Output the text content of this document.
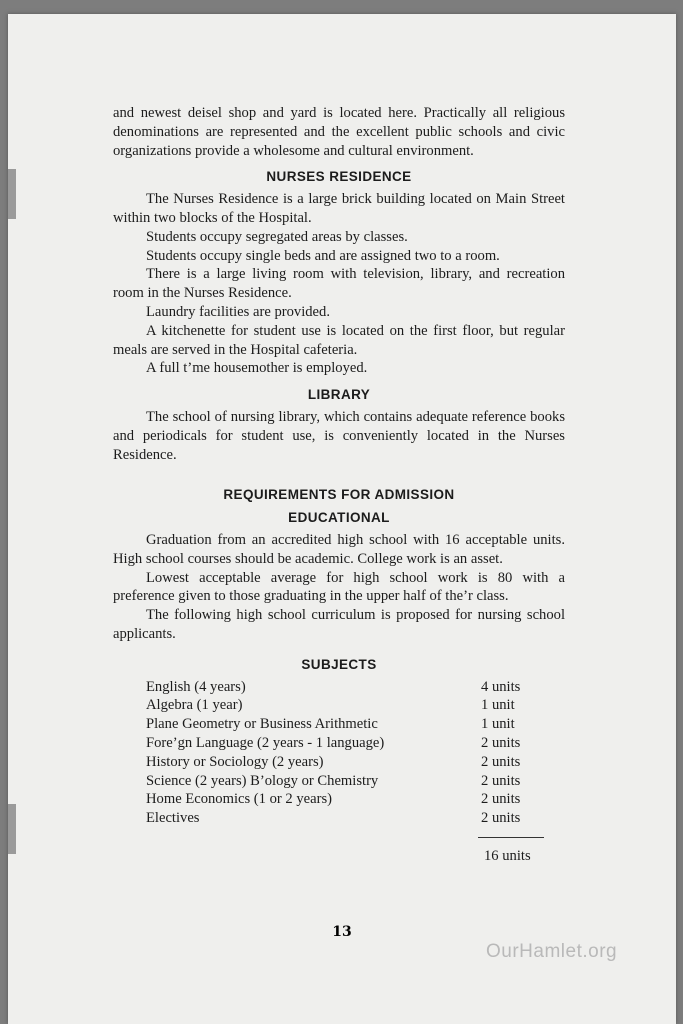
and newest deisel shop and yard is located here. Practically all religious denominations are represented and the excellent public schools and civic organizations provide a wholesome and cultural environment.

NURSES RESIDENCE

The Nurses Residence is a large brick building located on Main Street within two blocks of the Hospital.

Students occupy segregated areas by classes.

Students occupy single beds and are assigned two to a room.

There is a large living room with television, library, and recreation room in the Nurses Residence.

Laundry facilities are provided.

A kitchenette for student use is located on the first floor, but regular meals are served in the Hospital cafeteria.

A full t’me housemother is employed.

LIBRARY

The school of nursing library, which contains adequate reference books and periodicals for student use, is conveniently located in the Nurses Residence.

REQUIREMENTS FOR ADMISSION
EDUCATIONAL

Graduation from an accredited high school with 16 acceptable units. High school courses should be academic. College work is an asset.

Lowest acceptable average for high school work is 80 with a preference given to those graduating in the upper half of the’r class.

The following high school curriculum is proposed for nursing school applicants.

SUBJECTS
English (4 years)	4 units
Algebra (1 year)	1 unit
Plane Geometry or Business Arithmetic	1 unit
Fore’gn Language (2 years - 1 language)	2 units
History or Sociology (2 years)	2 units
Science (2 years) B’ology or Chemistry	2 units
Home Economics (1 or 2 years)	2 units
Electives	2 units
16 units
13
OurHamlet.org
